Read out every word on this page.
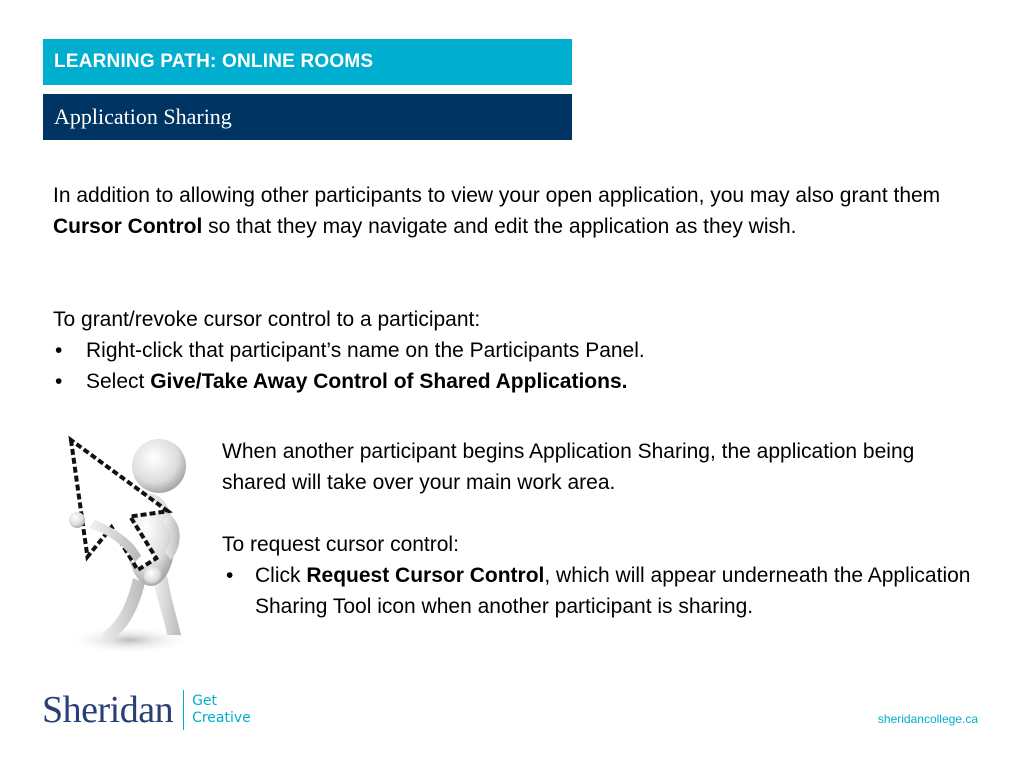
LEARNING PATH: ONLINE ROOMS
Application Sharing

In addition to allowing other participants to view your open application, you may also grant them Cursor Control so that they may navigate and edit the application as they wish.

To grant/revoke cursor control to a participant:

• Right-click that participant’s name on the Participants Panel.
• Select Give/Take Away Control of Shared Applications.

When another participant begins Application Sharing, the application being shared will take over your main work area.

To request cursor control:

• Click Request Cursor Control, which will appear underneath the Application Sharing Tool icon when another participant is sharing.
Sheridan Get
Creative	sheridancollege.ca
